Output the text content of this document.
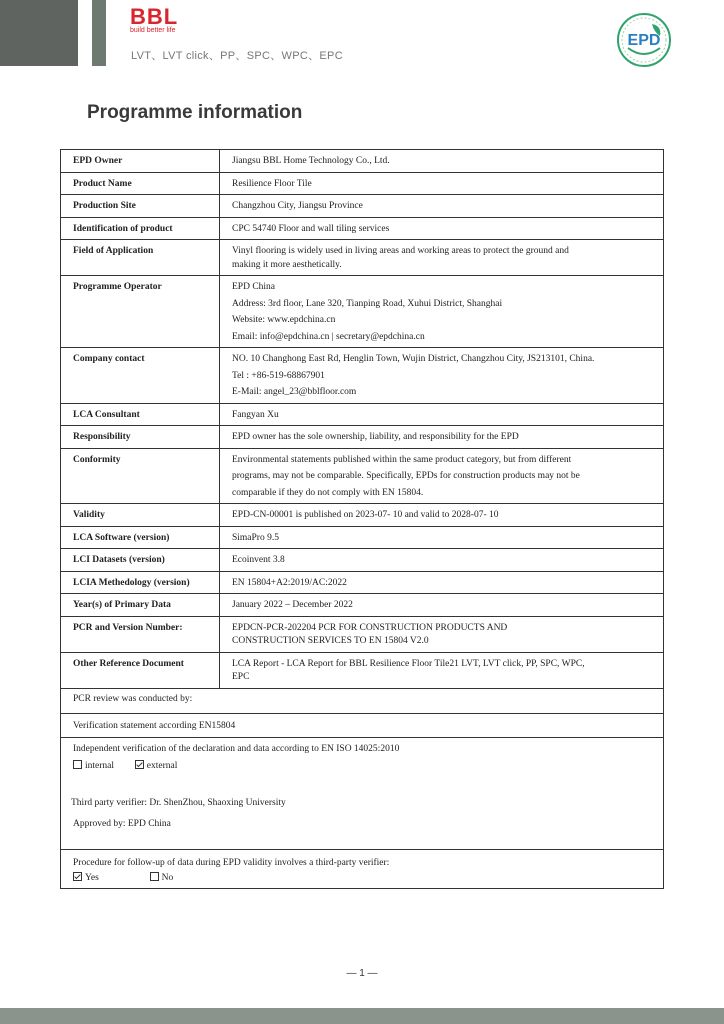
BBL
build better life
LVT、LVT click、PP、SPC、WPC、EPC
EPD
Programme information
EPD Owner	Jiangsu BBL Home Technology Co., Ltd.

Product Name	Resilience Floor Tile

Production Site	Changzhou City, Jiangsu Province

Identification of product	CPC 54740 Floor and wall tiling services

Field of Application	Vinyl flooring is widely used in living areas and working areas to protect the ground and
making it more aesthetically.

Programme Operator	EPD China
Address: 3rd floor, Lane 320, Tianping Road, Xuhui District, Shanghai
Website: www.epdchina.cn
Email: info@epdchina.cn | secretary@epdchina.cn

Company contact	NO. 10 Changhong East Rd, Henglin Town, Wujin District, Changzhou City, JS213101, China.
Tel : +86-519-68867901
E-Mail: angel_23@bblfloor.com

LCA Consultant	Fangyan Xu

Responsibility	EPD owner has the sole ownership, liability, and responsibility for the EPD

Conformity	Environmental statements published within the same product category, but from different
programs, may not be comparable. Specifically, EPDs for construction products may not be
comparable if they do not comply with EN 15804.

Validity	EPD-CN-00001 is published on 2023-07- 10 and valid to 2028-07- 10

LCA Software (version)	SimaPro 9.5

LCI Datasets (version)	Ecoinvent 3.8

LCIA Methedology (version)	EN 15804+A2:2019/AC:2022

Year(s) of Primary Data	January 2022 – December 2022

PCR and Version Number:	EPDCN-PCR-202204 PCR FOR CONSTRUCTION PRODUCTS AND
CONSTRUCTION SERVICES TO EN 15804 V2.0

Other Reference Document	LCA Report - LCA Report for BBL Resilience Floor Tile21 LVT, LVT click, PP, SPC, WPC,
EPC

PCR review was conducted by:	
Verification statement according EN15804	

Independent verification of the declaration and data according to EN ISO 14025:2010
internal external
Third party verifier: Dr. ShenZhou, Shaoxing University
Approved by: EPD China	

Procedure for follow-up of data during EPD validity involves a third-party verifier:
Yes No	
— 1 —
